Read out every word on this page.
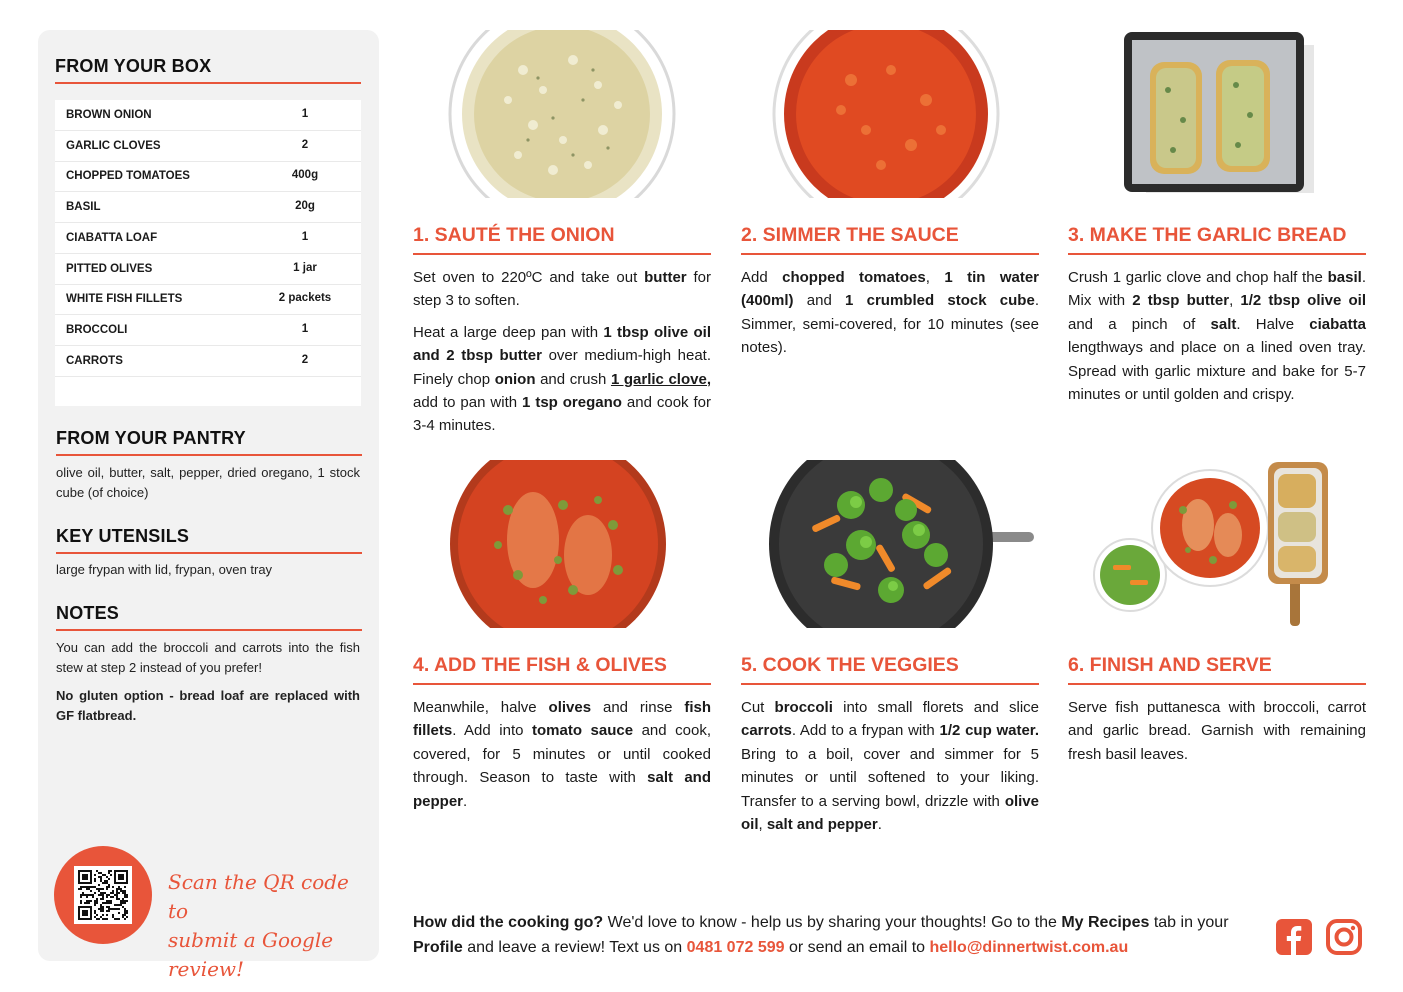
FROM YOUR BOX
BROWN ONION	1
GARLIC CLOVES	2
CHOPPED TOMATOES	400g
BASIL	20g
CIABATTA LOAF	1
PITTED OLIVES	1 jar
WHITE FISH FILLETS	2 packets
BROCCOLI	1
CARROTS	2
FROM YOUR PANTRY
olive oil, butter, salt, pepper, dried oregano, 1 stock cube (of choice)
KEY UTENSILS
large frypan with lid, frypan, oven tray
NOTES
You can add the broccoli and carrots into the fish stew at step 2 instead of you prefer!
No gluten option - bread loaf are replaced with GF flatbread.
Scan the QR code to
submit a Google review!
1. SAUTÉ THE ONION

Set oven to 220ºC and take out butter for step 3 to soften.

Heat a large deep pan with 1 tbsp olive oil and 2 tbsp butter over medium-high heat. Finely chop onion and crush 1 garlic clove, add to pan with 1 tsp oregano and cook for 3-4 minutes.

2. SIMMER THE SAUCE

Add chopped tomatoes, 1 tin water (400ml) and 1 crumbled stock cube. Simmer, semi-covered, for 10 minutes (see notes).

3. MAKE THE GARLIC BREAD

Crush 1 garlic clove and chop half the basil. Mix with 2 tbsp butter, 1/2 tbsp olive oil and a pinch of salt. Halve ciabatta lengthways and place on a lined oven tray. Spread with garlic mixture and bake for 5-7 minutes or until golden and crispy.

4. ADD THE FISH & OLIVES

Meanwhile, halve olives and rinse fish fillets. Add into tomato sauce and cook, covered, for 5 minutes or until cooked through. Season to taste with salt and pepper.

5. COOK THE VEGGIES

Cut broccoli into small florets and slice carrots. Add to a frypan with 1/2 cup water. Bring to a boil, cover and simmer for 5 minutes or until softened to your liking. Transfer to a serving bowl, drizzle with olive oil, salt and pepper.

6. FINISH AND SERVE

Serve fish puttanesca with broccoli, carrot and garlic bread. Garnish with remaining fresh basil leaves.

How did the cooking go? We'd love to know - help us by sharing your thoughts! Go to the My Recipes tab in your Profile and leave a review! Text us on 0481 072 599 or send an email to hello@dinnertwist.com.au
